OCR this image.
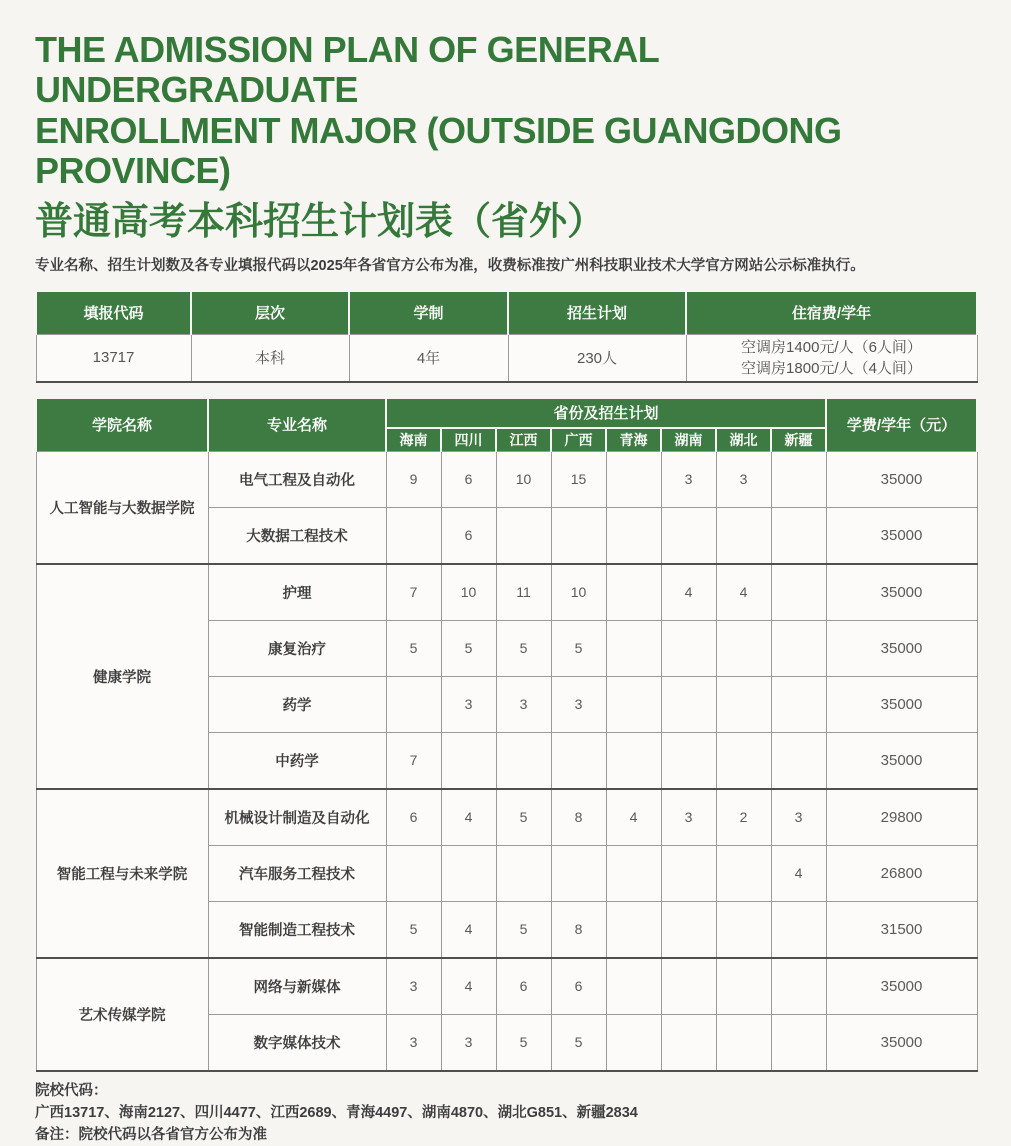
THE ADMISSION PLAN OF GENERAL UNDERGRADUATE
ENROLLMENT MAJOR (OUTSIDE GUANGDONG PROVINCE)
普通高考本科招生计划表（省外）

专业名称、招生计划数及各专业填报代码以2025年各省官方公布为准，收费标准按广州科技职业技术大学官方网站公示标准执行。

填报代码	层次	学制	招生计划	住宿费/学年
13717	本科	4年	230人	空调房1400元/人（6人间）
空调房1800元/人（4人间）
学院名称	专业名称	省份及招生计划								学费/学年（元）
		海南	四川	江西	广西	青海	湖南	湖北	新疆	
人工智能与大数据学院	电气工程及自动化	9	6	10	15		3	3		35000
	大数据工程技术		6							35000
健康学院	护理	7	10	11	10		4	4		35000
	康复治疗	5	5	5	5					35000
	药学		3	3	3					35000
	中药学	7								35000
智能工程与未来学院	机械设计制造及自动化	6	4	5	8	4	3	2	3	29800
	汽车服务工程技术								4	26800
	智能制造工程技术	5	4	5	8					31500
艺术传媒学院	网络与新媒体	3	4	6	6					35000
	数字媒体技术	3	3	5	5					35000
院校代码：
广西13717、海南2127、四川4477、江西2689、青海4497、湖南4870、湖北G851、新疆2834
备注：院校代码以各省官方公布为准
